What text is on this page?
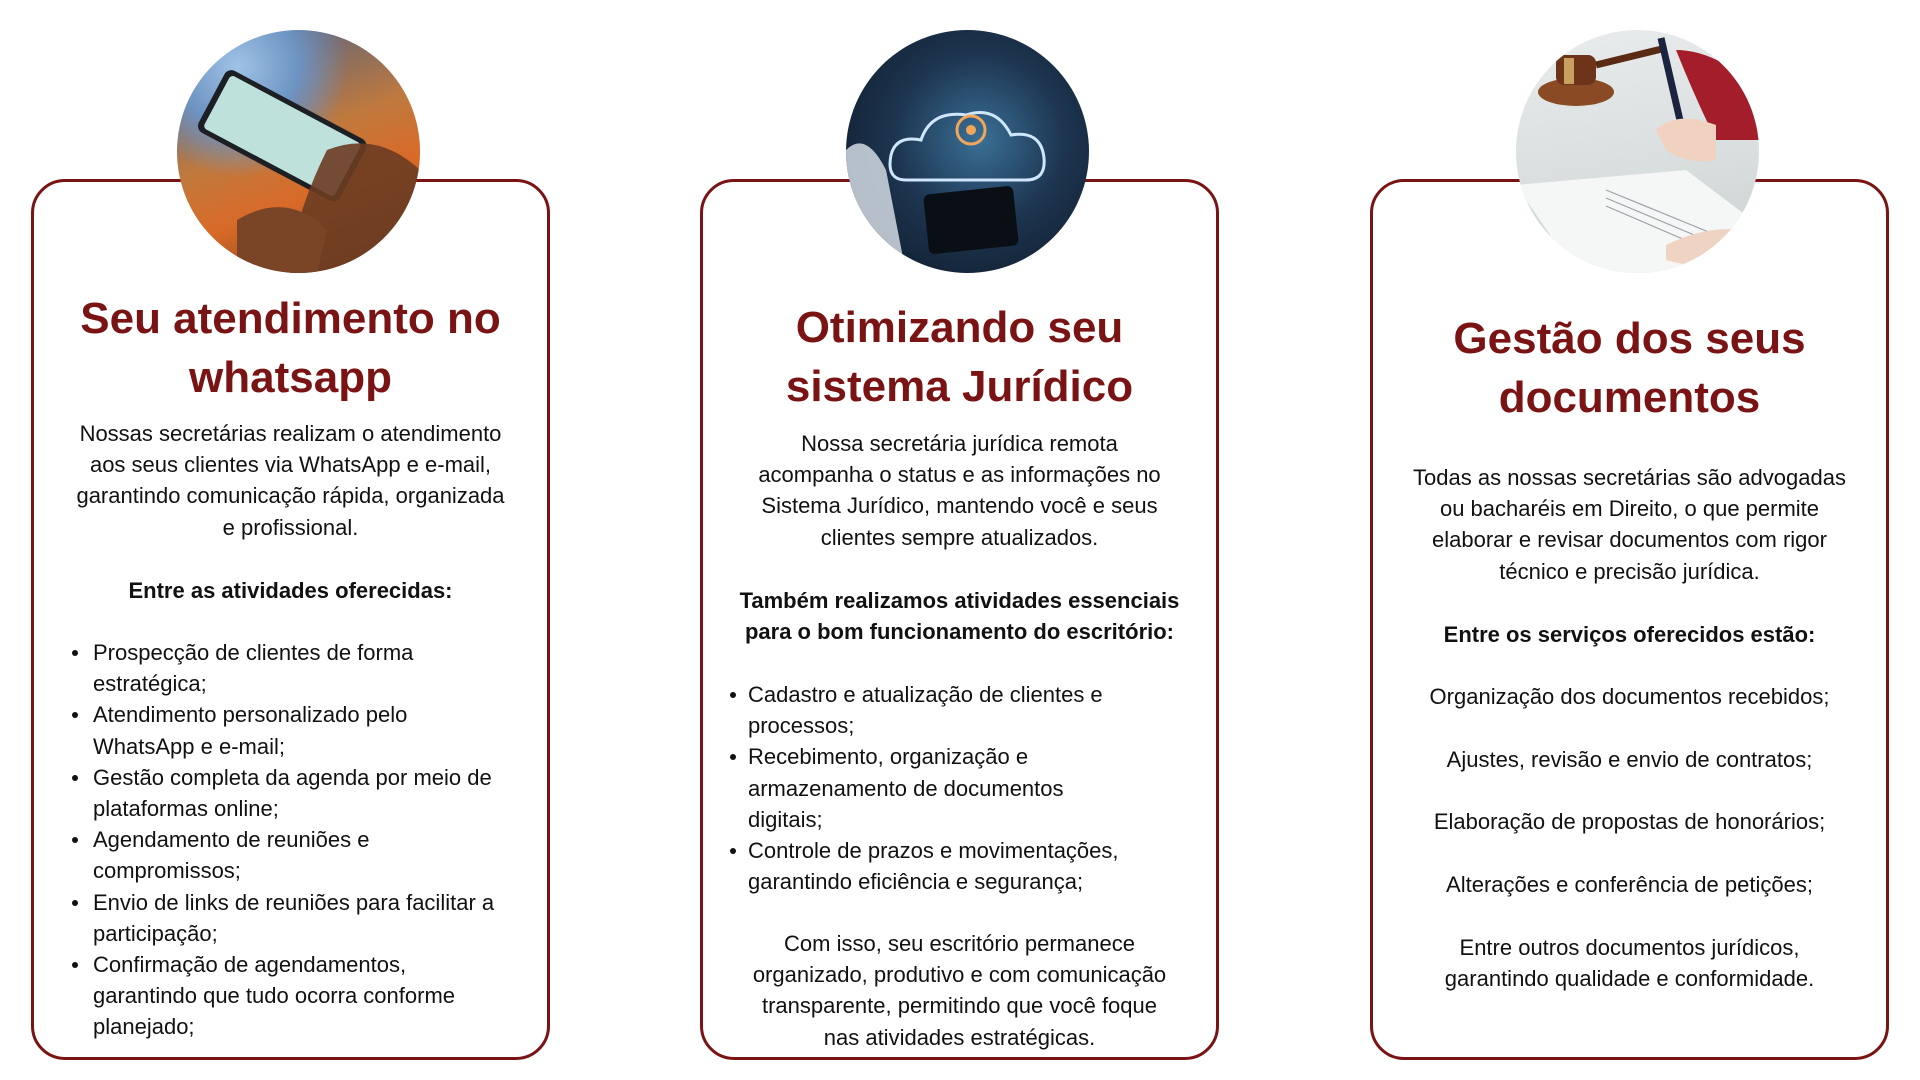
Seu atendimento no
whatsapp
Nossas secretárias realizam o atendimento
aos seus clientes via WhatsApp e e-mail,
garantindo comunicação rápida, organizada
e profissional.
Entre as atividades oferecidas:
Prospecção de clientes de forma
estratégica;
Atendimento personalizado pelo
WhatsApp e e-mail;
Gestão completa da agenda por meio de
plataformas online;
Agendamento de reuniões e
compromissos;
Envio de links de reuniões para facilitar a
participação;
Confirmação de agendamentos,
garantindo que tudo ocorra conforme
planejado;
Otimizando seu
sistema Jurídico
Nossa secretária jurídica remota
acompanha o status e as informações no
Sistema Jurídico, mantendo você e seus
clientes sempre atualizados.
Também realizamos atividades essenciais
para o bom funcionamento do escritório:
Cadastro e atualização de clientes e
processos;
Recebimento, organização e
armazenamento de documentos
digitais;
Controle de prazos e movimentações,
garantindo eficiência e segurança;
Com isso, seu escritório permanece
organizado, produtivo e com comunicação
transparente, permitindo que você foque
nas atividades estratégicas.
Gestão dos seus
documentos
Todas as nossas secretárias são advogadas
ou bacharéis em Direito, o que permite
elaborar e revisar documentos com rigor
técnico e precisão jurídica.
Entre os serviços oferecidos estão:
Organização dos documentos recebidos;
Ajustes, revisão e envio de contratos;
Elaboração de propostas de honorários;
Alterações e conferência de petições;
Entre outros documentos jurídicos,
garantindo qualidade e conformidade.
